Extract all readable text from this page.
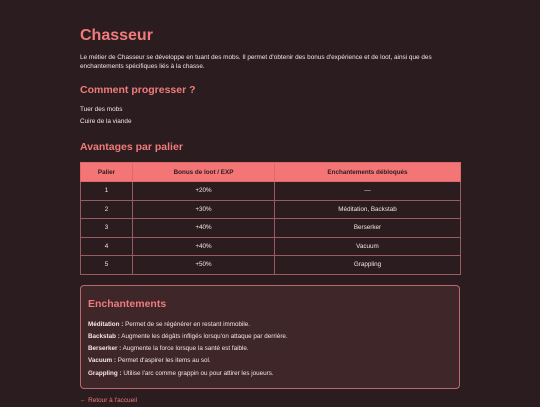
Chasseur

Le métier de Chasseur se développe en tuant des mobs. Il permet d'obtenir des bonus d'expérience et de loot, ainsi que des enchantements spécifiques liés à la chasse.

Comment progresser ?
Tuer des mobs
Cuire de la viande
Avantages par palier
Palier	Bonus de loot / EXP	Enchantements débloqués
1	+20%	—
2	+30%	Méditation, Backstab
3	+40%	Berserker
4	+40%	Vacuum
5	+50%	Grappling
Enchantements

Méditation : Permet de se régénérer en restant immobile.

Backstab : Augmente les dégâts infligés lorsqu'on attaque par derrière.

Berserker : Augmente la force lorsque la santé est faible.

Vacuum : Permet d'aspirer les items au sol.

Grappling : Utilise l'arc comme grappin ou pour attirer les joueurs.

← Retour à l'accueil
